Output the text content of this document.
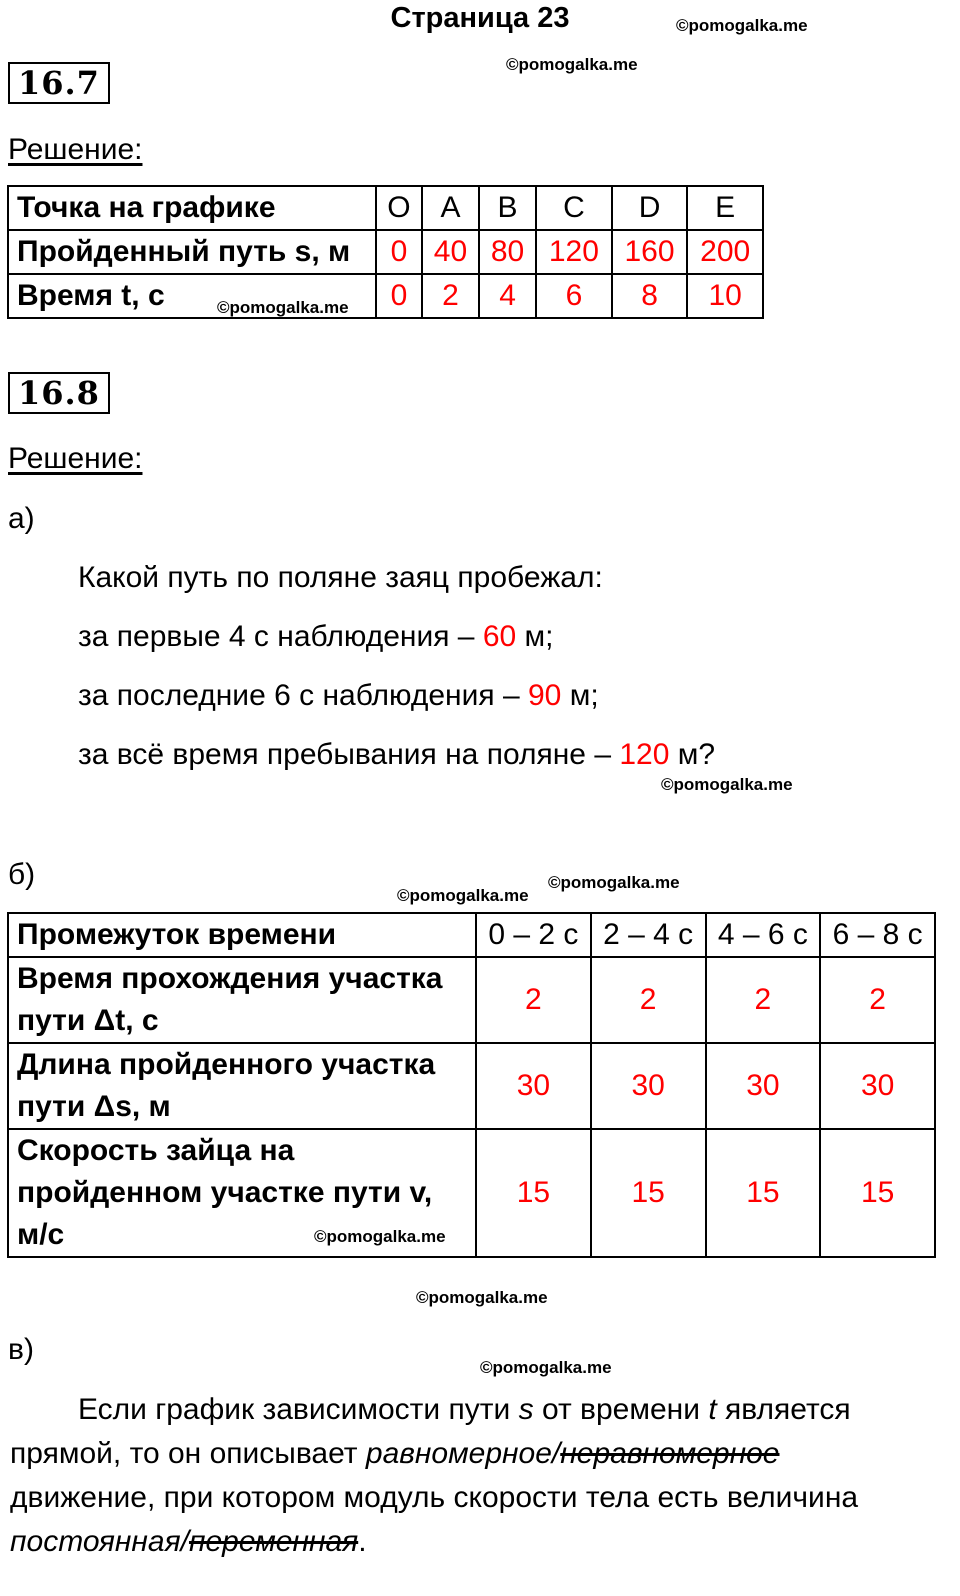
Страница 23	©pomogalka.me
©pomogalka.me
16.7
Решение:
Точка на графике	O	A	B	C	D	E
Пройденный путь s, м	0	40	80	120	160	200
Время t, с ©pomogalka.me	0	2	4	6	8	10
16.8
Решение:
а)
Какой путь по поляне заяц пробежал:
за первые 4 с наблюдения – 60 м;
за последние 6 с наблюдения – 90 м;
за всё время пребывания на поляне – 120 м?
©pomogalka.me
б)	©pomogalka.me
©pomogalka.me
Промежуток времени	0 – 2 с	2 – 4 с	4 – 6 с	6 – 8 с

Время прохождения участка
пути Δt, с	2	2	2	2

Длина пройденного участка
пути Δs, м	30	30	30	30

Скорость зайца на
пройденном участке пути v,
м/с ©pomogalka.me	15	15	15	15
©pomogalka.me
в)
©pomogalka.me
Если график зависимости пути s от времени t является
прямой, то он описывает равномерное/неравномерное
движение, при котором модуль скорости тела есть величина
постоянная/переменная.
